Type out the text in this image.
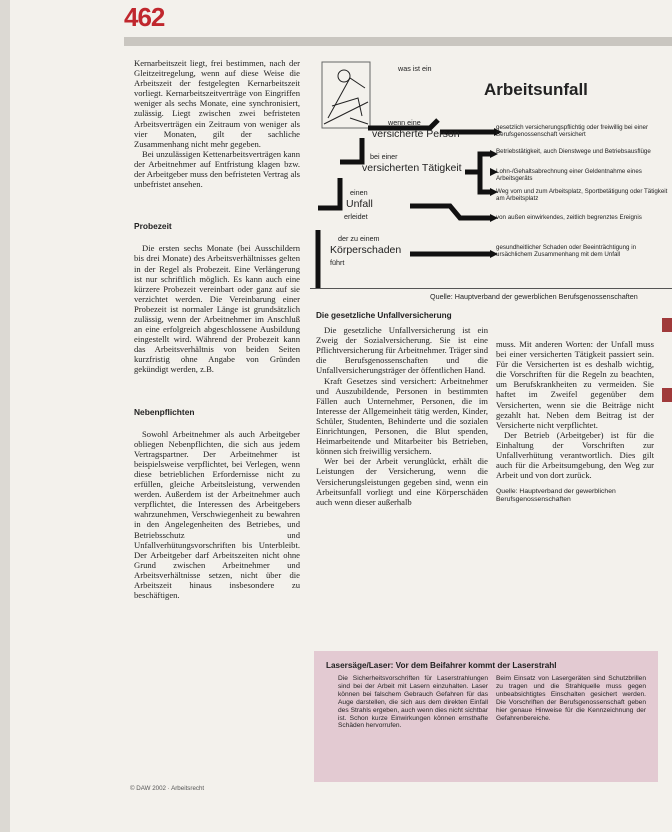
462

Kernarbeitszeit liegt, frei bestimmen, nach der Gleitzeitregelung, wenn auf diese Weise die Arbeitszeit der festgelegten Kernarbeitszeit vorliegt. Kernarbeitszeitverträge von Eingriffen weniger als sechs Monate, eine synchronisiert, zulässig. Liegt zwischen zwei befristeten Arbeitsverträgen ein Zeitraum von weniger als vier Monaten, gilt der sachliche Zusammenhang nicht mehr gegeben.

Bei unzulässigen Kettenarbeitsverträgen kann der Arbeitnehmer auf Entfristung klagen bzw. der Arbeitgeber muss den befristeten Vertrag als unbefristet ansehen.

Probezeit

Die ersten sechs Monate (bei Ausschildern bis drei Monate) des Arbeitsverhältnisses gelten in der Regel als Probezeit. Eine Verlängerung ist nur schriftlich möglich. Es kann auch eine kürzere Probezeit vereinbart oder ganz auf sie verzichtet werden. Die Vereinbarung einer Probezeit ist normaler Länge ist grundsätzlich zulässig, wenn der Arbeitnehmer im Anschluß an eine erfolgreich abgeschlossene Ausbildung eingestellt wird. Während der Probezeit kann das Arbeitsverhältnis von beiden Seiten kurzfristig ohne Angabe von Gründen gekündigt werden, z.B.

Nebenpflichten

Sowohl Arbeitnehmer als auch Arbeitgeber obliegen Nebenpflichten, die sich aus jedem Vertragspartner. Der Arbeitnehmer ist beispielsweise verpflichtet, bei Verlegen, wenn diese betrieblichen Erfordernisse nicht zu erfüllen, gleiche Arbeitsleistung, verwenden werden. Außerdem ist der Arbeitnehmer auch verpflichtet, die Interessen des Arbeitgebers wahrzunehmen, Verschwiegenheit zu bewahren in den Angelegenheiten des Betriebes, und Betriebsschutz und Unfallverhütungsvorschriften bis Unterbleibt. Der Arbeitgeber darf Arbeitszeiten nicht ohne Grund zwischen Arbeitnehmer und Arbeitsverhältnisse setzen, nicht über die Arbeitszeit hinaus insbesondere zu beschäftigen.

Arbeitsunfall
was ist ein
wenn eine
versicherte Person
bei einer
versicherten Tätigkeit
einen
Unfall
erleidet
der zu einem
Körperschaden
führt
gesetzlich versicherungspflichtig oder freiwillig bei einer Berufsgenossenschaft versichert
Betriebstätigkeit, auch Dienstwege und Betriebsausflüge
Lohn-/Gehaltsabrechnung einer Geldentnahme eines Arbeitsgeräts
Weg vom und zum Arbeitsplatz, Sportbetätigung oder Tätigkeit am Arbeitsplatz
von außen einwirkendes, zeitlich begrenztes Ereignis
gesundheitlicher Schaden oder Beeinträchtigung in ursächlichem Zusammenhang mit dem Unfall
Quelle: Hauptverband der gewerblichen Berufsgenossenschaften
Die gesetzliche Unfallversicherung

Die gesetzliche Unfallversicherung ist ein Zweig der Sozialversicherung. Sie ist eine Pflichtversicherung für Arbeitnehmer. Träger sind die Berufsgenossenschaften und die Unfallversicherungsträger der öffentlichen Hand.

Kraft Gesetzes sind versichert: Arbeitnehmer und Auszubildende, Personen in bestimmten Fällen auch Unternehmer, Personen, die im Interesse der Allgemeinheit tätig werden, Kinder, Schüler, Studenten, Behinderte und die sozialen Einrichtungen, Personen, die Blut spenden, Heimarbeitende und Mitarbeiter bis Betrieben, können sich freiwillig versichern.

Wer bei der Arbeit verunglückt, erhält die Leistungen der Versicherung, wenn die Versicherungsleistungen gegeben sind, wenn ein Arbeitsunfall vorliegt und eine Körperschäden auch wenn dieser außerhalb

muss. Mit anderen Worten: der Unfall muss bei einer versicherten Tätigkeit passiert sein. Für die Versicherten ist es deshalb wichtig, die Vorschriften für die Regeln zu beachten, um Berufskrankheiten zu vermeiden. Sie haftet im Zweifel gegenüber dem Versicherten, wenn sie die Beiträge nicht gezahlt hat. Neben dem Beitrag ist der Versicherte nicht verpflichtet.

Der Betrieb (Arbeitgeber) ist für die Einhaltung der Vorschriften zur Unfallverhütung verantwortlich. Dies gilt auch für die Arbeitsumgebung, den Weg zur Arbeit und von dort zurück.

Quelle: Hauptverband der gewerblichen Berufsgenossenschaften
Lasersäge/Laser: Vor dem Beifahrer kommt der Laserstrahl
Die Sicherheitsvorschriften für Laserstrahlungen sind bei der Arbeit mit Lasern einzuhalten. Laser können bei falschem Gebrauch Gefahren für das Auge darstellen, die sich aus dem direkten Einfall des Strahls ergeben, auch wenn dies nicht sichtbar ist. Schon kurze Einwirkungen können ernsthafte Schäden hervorrufen.
Beim Einsatz von Lasergeräten sind Schutzbrillen zu tragen und die Strahlquelle muss gegen unbeabsichtigtes Einschalten gesichert werden. Die Vorschriften der Berufsgenossenschaft geben hier genaue Hinweise für die Kennzeichnung der Gefahrenbereiche.
© DAW 2002 · Arbeitsrecht
